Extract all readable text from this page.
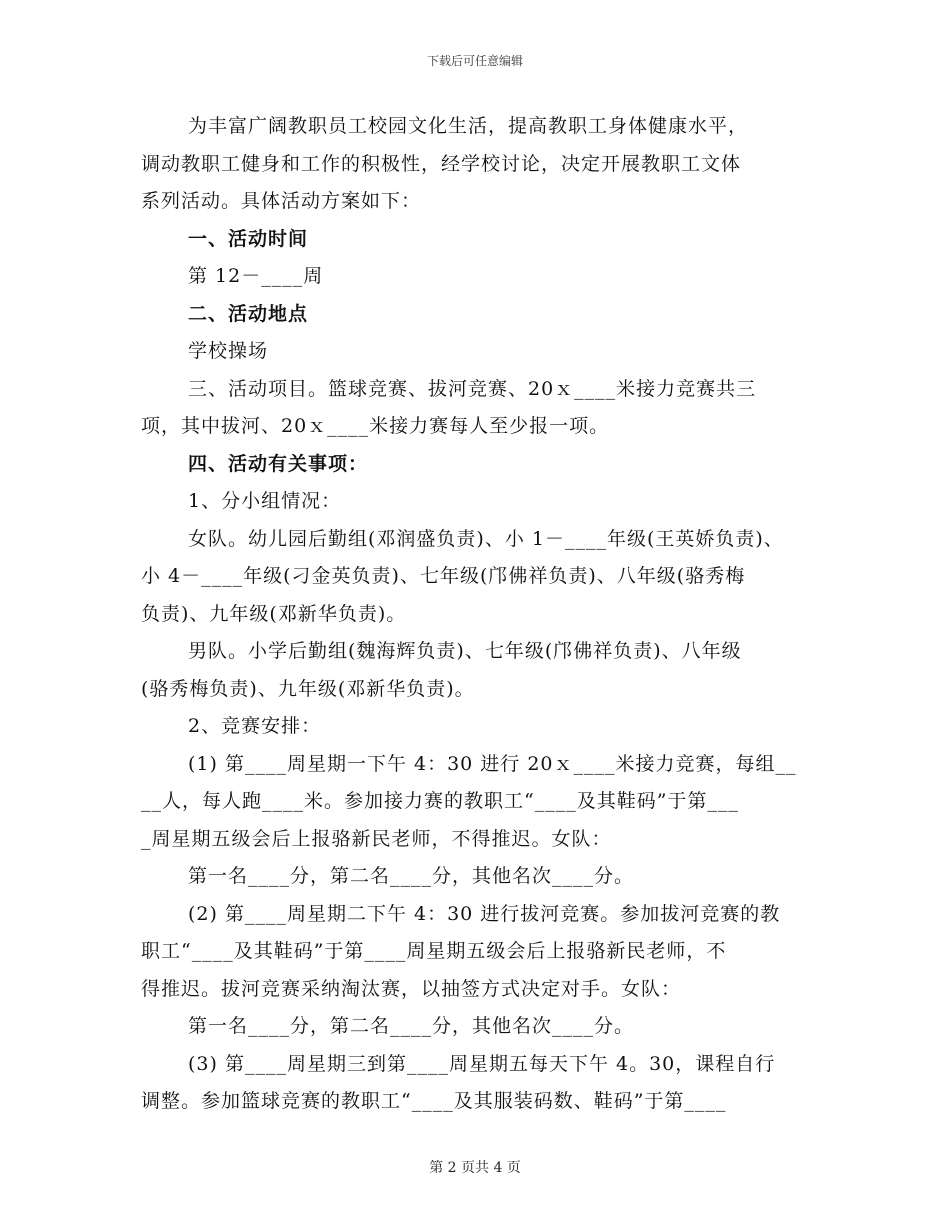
下载后可任意编辑

为丰富广阔教职员工校园文化生活，提高教职工身体健康水平，

调动教职工健身和工作的积极性，经学校讨论，决定开展教职工文体

系列活动。具体活动方案如下：

一、活动时间

第 12－____周

二、活动地点

学校操场

三、活动项目。篮球竞赛、拔河竞赛、20ｘ____米接力竞赛共三

项，其中拔河、20ｘ____米接力赛每人至少报一项。

四、活动有关事项：

1、分小组情况：

女队。幼儿园后勤组(邓润盛负责)、小 1－____年级(王英娇负责)、

小 4－____年级(刁金英负责)、七年级(邝佛祥负责)、八年级(骆秀梅

负责)、九年级(邓新华负责)。

男队。小学后勤组(魏海辉负责)、七年级(邝佛祥负责)、八年级

(骆秀梅负责)、九年级(邓新华负责)。

2、竞赛安排：

(1) 第____周星期一下午 4：30 进行 20ｘ____米接力竞赛，每组__

__人，每人跑____米。参加接力赛的教职工“____及其鞋码”于第___

_周星期五级会后上报骆新民老师，不得推迟。女队：

第一名____分，第二名____分，其他名次____分。

(2) 第____周星期二下午 4：30 进行拔河竞赛。参加拔河竞赛的教

职工“____及其鞋码”于第____周星期五级会后上报骆新民老师，不

得推迟。拔河竞赛采纳淘汰赛，以抽签方式决定对手。女队：

第一名____分，第二名____分，其他名次____分。

(3) 第____周星期三到第____周星期五每天下午 4。30，课程自行

调整。参加篮球竞赛的教职工“____及其服装码数、鞋码”于第____

第 2 页共 4 页
